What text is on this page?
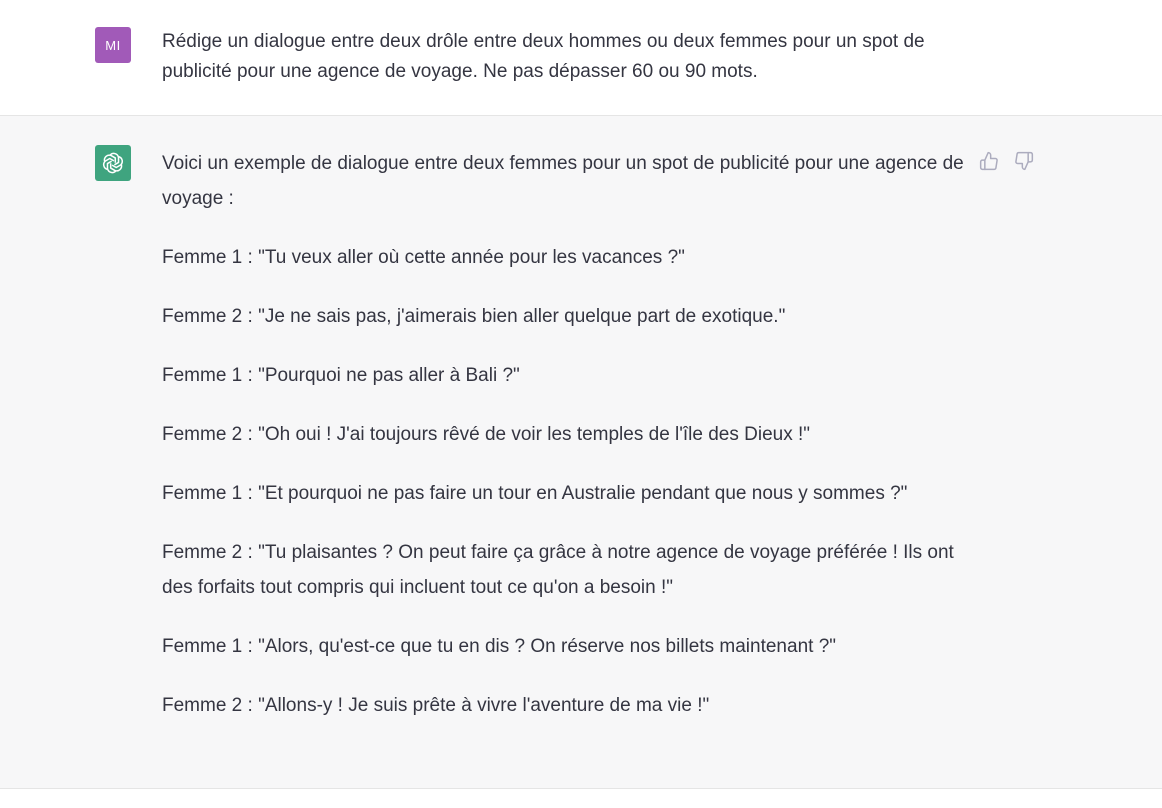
MI Rédige un dialogue entre deux drôle entre deux hommes ou deux femmes pour un spot de publicité pour une agence de voyage. Ne pas dépasser 60 ou 90 mots.

Voici un exemple de dialogue entre deux femmes pour un spot de publicité pour une agence de voyage :

Femme 1 : "Tu veux aller où cette année pour les vacances ?"

Femme 2 : "Je ne sais pas, j'aimerais bien aller quelque part de exotique."

Femme 1 : "Pourquoi ne pas aller à Bali ?"

Femme 2 : "Oh oui ! J'ai toujours rêvé de voir les temples de l'île des Dieux !"

Femme 1 : "Et pourquoi ne pas faire un tour en Australie pendant que nous y sommes ?"

Femme 2 : "Tu plaisantes ? On peut faire ça grâce à notre agence de voyage préférée ! Ils ont des forfaits tout compris qui incluent tout ce qu'on a besoin !"

Femme 1 : "Alors, qu'est-ce que tu en dis ? On réserve nos billets maintenant ?"

Femme 2 : "Allons-y ! Je suis prête à vivre l'aventure de ma vie !"
